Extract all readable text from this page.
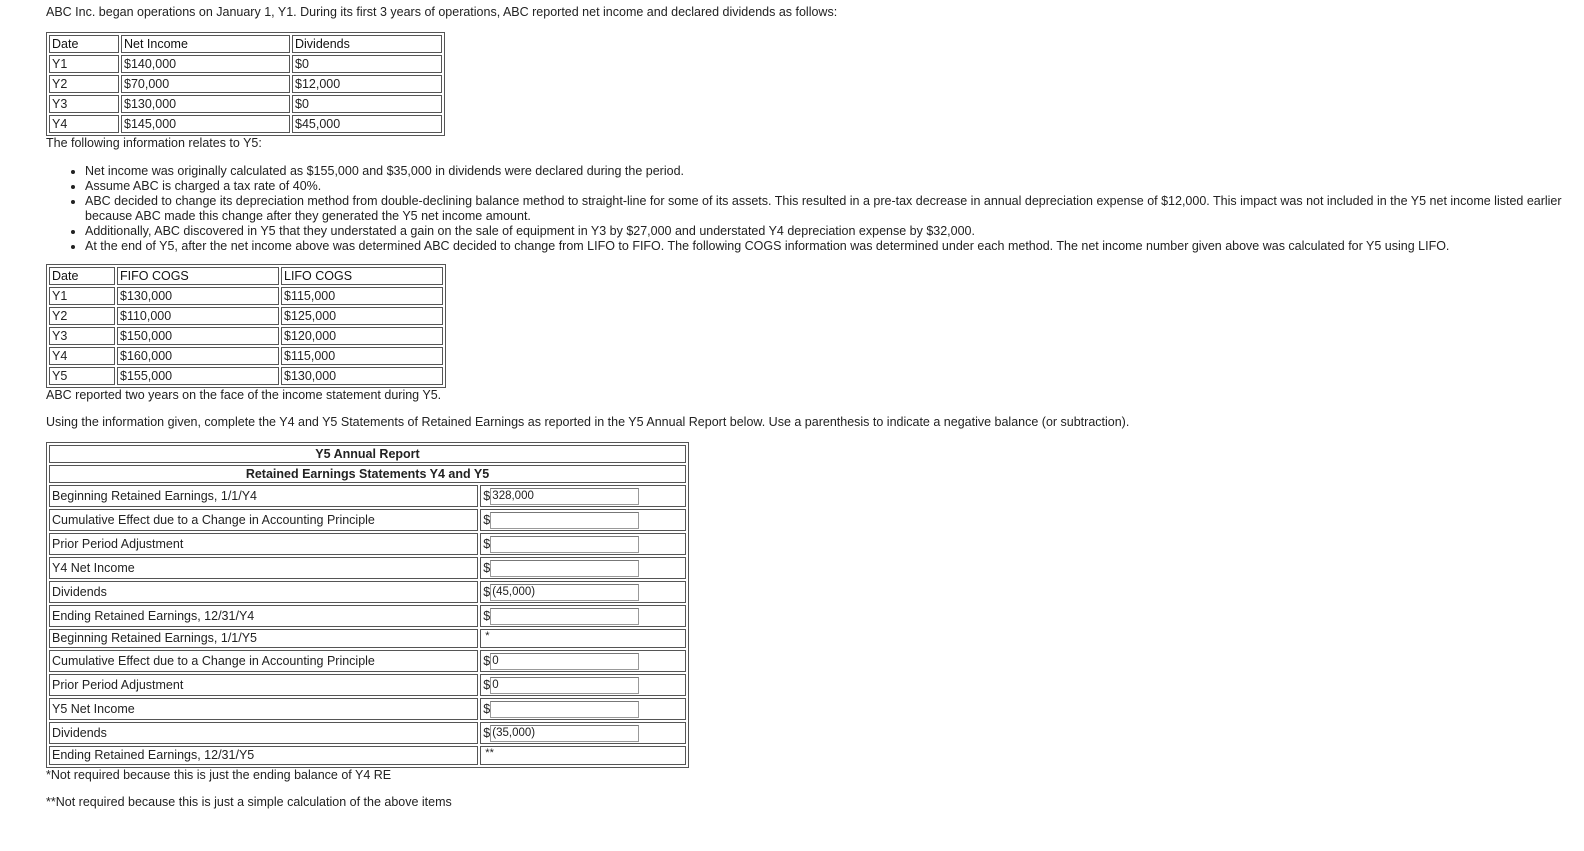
ABC Inc. began operations on January 1, Y1. During its first 3 years of operations, ABC reported net income and declared dividends as follows:

Date	Net Income	Dividends
Y1	$140,000	$0
Y2	$70,000	$12,000
Y3	$130,000	$0
Y4	$145,000	$45,000

The following information relates to Y5:

• Net income was originally calculated as $155,000 and $35,000 in dividends were declared during the period.
• Assume ABC is charged a tax rate of 40%.
• ABC decided to change its depreciation method from double-declining balance method to straight-line for some of its assets. This resulted in a pre-tax decrease in annual depreciation expense of $12,000. This impact was not included in the Y5 net income listed earlier because ABC made this change after they generated the Y5 net income amount.
• Additionally, ABC discovered in Y5 that they understated a gain on the sale of equipment in Y3 by $27,000 and understated Y4 depreciation expense by $32,000.
• At the end of Y5, after the net income above was determined ABC decided to change from LIFO to FIFO. The following COGS information was determined under each method. The net income number given above was calculated for Y5 using LIFO.
Date	FIFO COGS	LIFO COGS
Y1	$130,000	$115,000
Y2	$110,000	$125,000
Y3	$150,000	$120,000
Y4	$160,000	$115,000
Y5	$155,000	$130,000

ABC reported two years on the face of the income statement during Y5.

Using the information given, complete the Y4 and Y5 Statements of Retained Earnings as reported in the Y5 Annual Report below. Use a parenthesis to indicate a negative balance (or subtraction).

Y5 Annual Report	
Retained Earnings Statements Y4 and Y5	
Beginning Retained Earnings, 1/1/Y4	$ 328,000
Cumulative Effect due to a Change in Accounting Principle	$
Prior Period Adjustment	$
Y4 Net Income	$
Dividends	$ (45,000)
Ending Retained Earnings, 12/31/Y4	$
Beginning Retained Earnings, 1/1/Y5	*
Cumulative Effect due to a Change in Accounting Principle	$ 0
Prior Period Adjustment	$ 0
Y5 Net Income	$
Dividends	$ (35,000)
Ending Retained Earnings, 12/31/Y5	**

*Not required because this is just the ending balance of Y4 RE

**Not required because this is just a simple calculation of the above items
